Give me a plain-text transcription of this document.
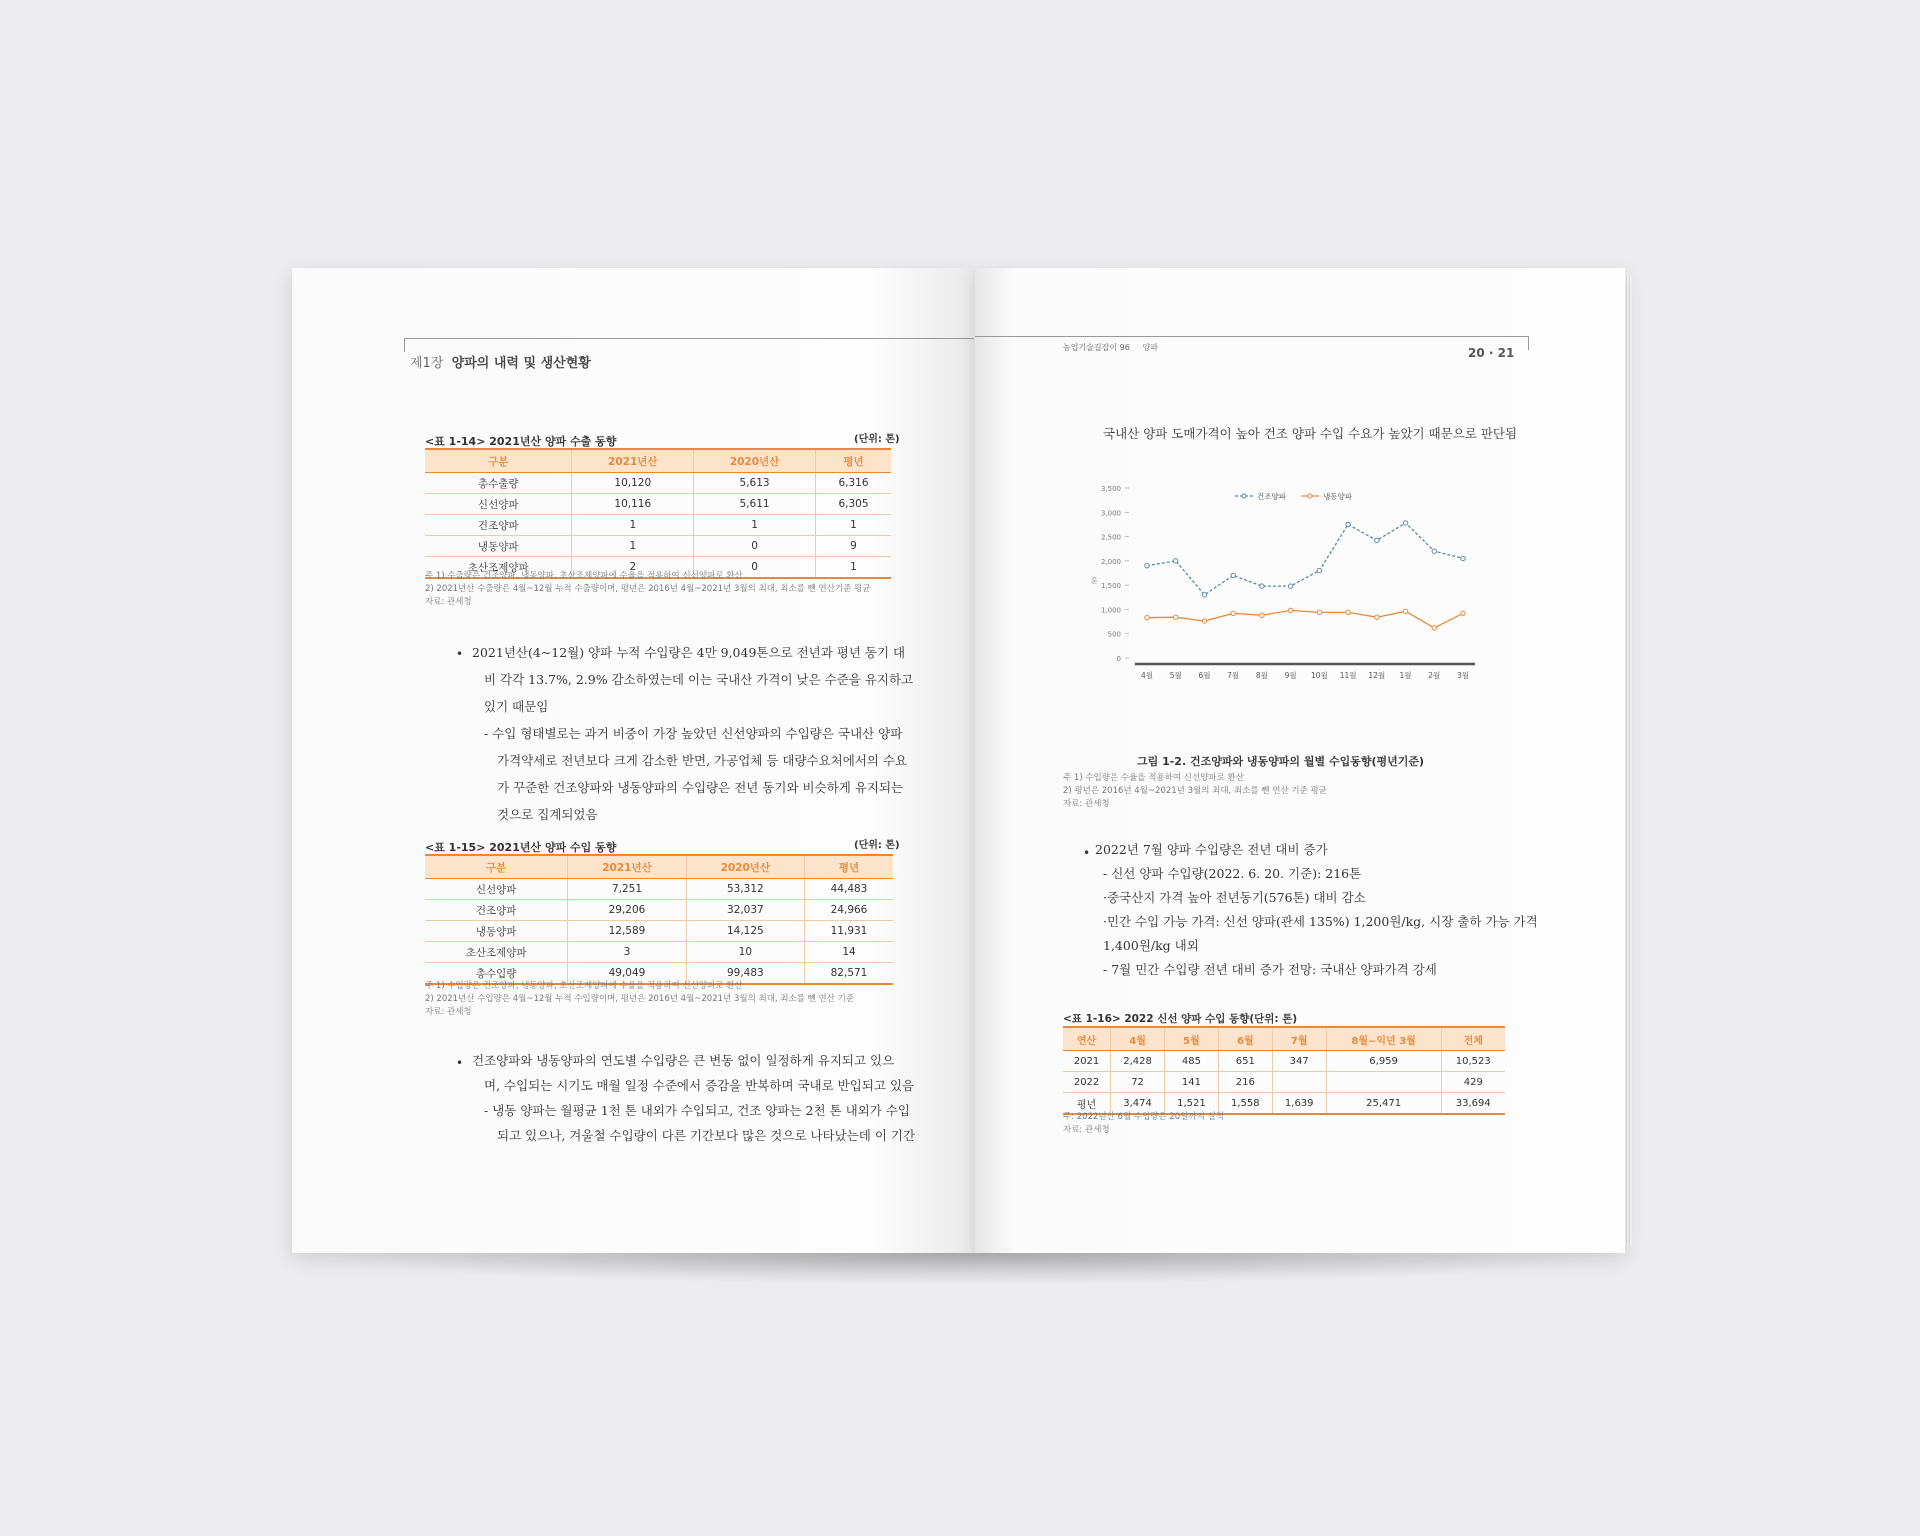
제1장 양파의 내력 및 생산현황
<표 1-14> 2021년산 양파 수출 동향	(단위: 톤)
구분	2021년산	2020년산	평년
총수출량	10,120	5,613	6,316
신선양파	10,116	5,611	6,305
건조양파	1	1	1
냉동양파	1	0	9
초산조제양파	2	0	1
주 1) 수출량은 건조양파, 냉동양파, 초산조제양파에 수율을 적용하여 신선양파로 환산
2) 2021년산 수출량은 4월~12월 누적 수출량이며, 평년은 2016년 4월~2021년 3월의 최대, 최소를 뺀 연산기준 평균
자료: 관세청
• 2021년산(4~12월) 양파 누적 수입량은 4만 9,049톤으로 전년과 평년 동기 대
비 각각 13.7%, 2.9% 감소하였는데 이는 국내산 가격이 낮은 수준을 유지하고
있기 때문임
- 수입 형태별로는 과거 비중이 가장 높았던 신선양파의 수입량은 국내산 양파
가격약세로 전년보다 크게 감소한 반면, 가공업체 등 대량수요처에서의 수요
가 꾸준한 건조양파와 냉동양파의 수입량은 전년 동기와 비슷하게 유지되는
것으로 집계되었음
<표 1-15> 2021년산 양파 수입 동향	(단위: 톤)
구분	2021년산	2020년산	평년
신선양파	7,251	53,312	44,483
건조양파	29,206	32,037	24,966
냉동양파	12,589	14,125	11,931
초산조제양파	3	10	14
총수입량	49,049	99,483	82,571
주 1) 수입량은 건조양파, 냉동양파, 초산조제양파에 수율을 적용하여 신선양파로 환산
2) 2021년산 수입량은 4월~12월 누적 수입량이며, 평년은 2016년 4월~2021년 3월의 최대, 최소를 뺀 연산 기준
자료: 관세청
• 건조양파와 냉동양파의 연도별 수입량은 큰 변동 없이 일정하게 유지되고 있으
며, 수입되는 시기도 매월 일정 수준에서 증감을 반복하며 국내로 반입되고 있음
- 냉동 양파는 월평균 1천 톤 내외가 수입되고, 건조 양파는 2천 톤 내외가 수입
되고 있으나, 겨울철 수입량이 다른 기간보다 많은 것으로 나타났는데 이 기간
농업기술길잡이 96 양파	20 · 21
국내산 양파 도매가격이 높아 건조 양파 수입 수요가 높았기 때문으로 판단됨
3,500
3,000
2,500
2,000
1,500
1,000
500
0
톤
4월 5월 6월 7월 8월 9월 10월 11월 12월 1월 2월 3월
건조양파	냉동양파
그림 1-2. 건조양파와 냉동양파의 월별 수입동향(평년기준)
주 1) 수입량은 수율을 적용하여 신선양파로 환산
2) 평년은 2016년 4월~2021년 3월의 최대, 최소를 뺀 연산 기준 평균
자료: 관세청
• 2022년 7월 양파 수입량은 전년 대비 증가
- 신선 양파 수입량(2022. 6. 20. 기준): 216톤
·중국산지 가격 높아 전년동기(576톤) 대비 감소
·민간 수입 가능 가격: 신선 양파(관세 135%) 1,200원/kg, 시장 출하 가능 가격
1,400원/kg 내외
- 7월 민간 수입량 전년 대비 증가 전망: 국내산 양파가격 강세
<표 1-16> 2022 신선 양파 수입 동향(단위: 톤)
연산	4월	5월	6월	7월	8월~익년 3월	전체
2021	2,428	485	651	347	6,959	10,523
2022	72	141	216			429
평년	3,474	1,521	1,558	1,639	25,471	33,694
주: 2022년산 6월 수입량은 20일까지 실적
자료: 관세청
